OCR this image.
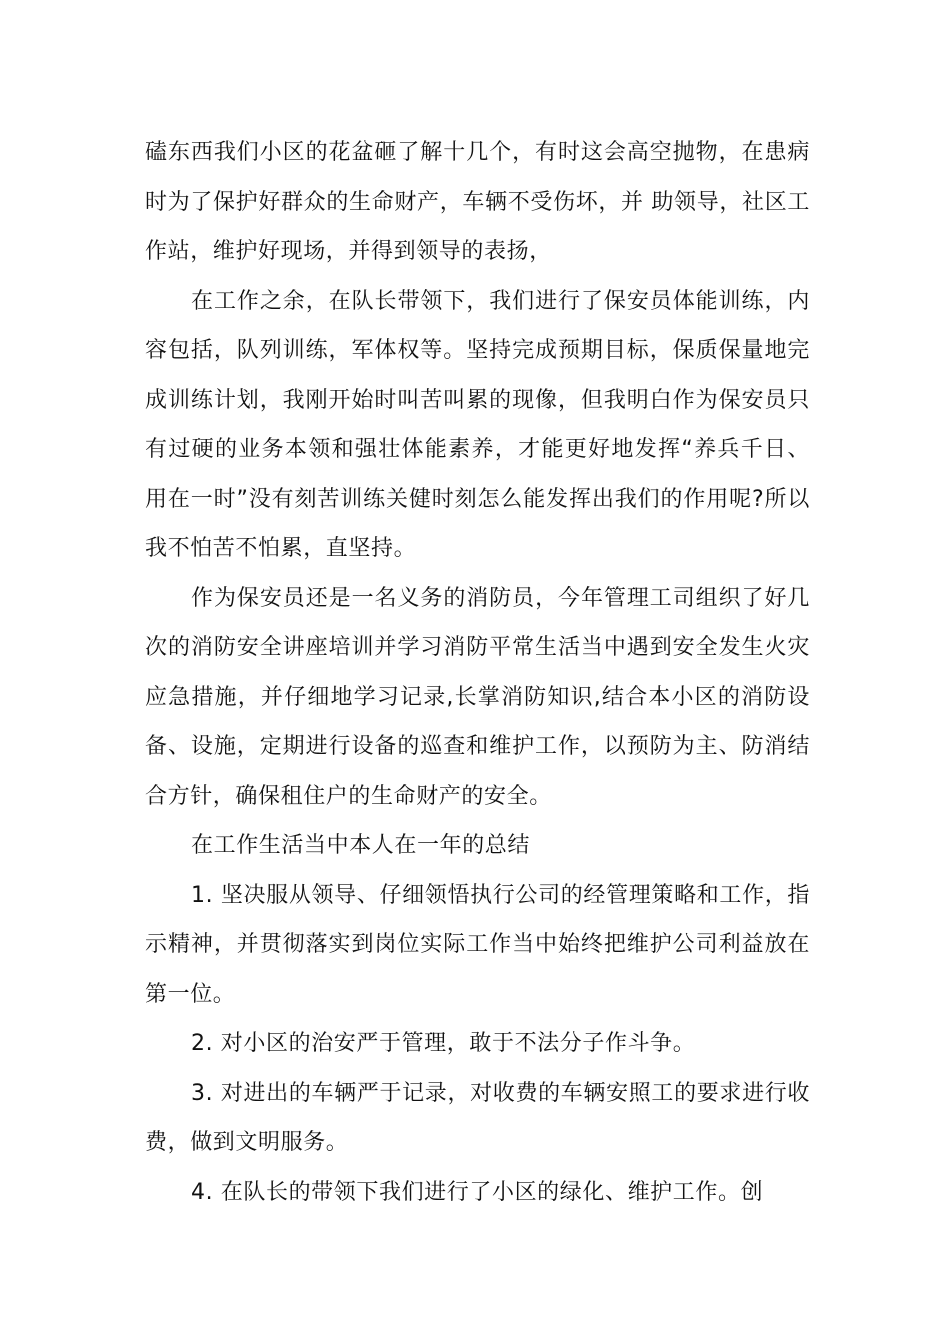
磕东西我们小区的花盆砸了解十几个，有时这会高空抛物，在患病时为了保护好群众的生命财产，车辆不受伤坏，并 助领导，社区工作站，维护好现场，并得到领导的表扬，

在工作之余，在队长带领下，我们进行了保安员体能训练，内容包括，队列训练，军体权等。坚持完成预期目标，保质保量地完成训练计划，我刚开始时叫苦叫累的现像，但我明白作为保安员只有过硬的业务本领和强壮体能素养，才能更好地发挥“养兵千日、用在一时”没有刻苦训练关健时刻怎么能发挥出我们的作用呢?所以我不怕苦不怕累，直坚持。

作为保安员还是一名义务的消防员，今年管理工司组织了好几次的消防安全讲座培训并学习消防平常生活当中遇到安全发生火灾应急措施，并仔细地学习记录,长掌消防知识,结合本小区的消防设备、设施，定期进行设备的巡查和维护工作，以预防为主、防消结合方针，确保租住户的生命财产的安全。

在工作生活当中本人在一年的总结

1. 坚决服从领导、仔细领悟执行公司的经管理策略和工作，指示精神，并贯彻落实到岗位实际工作当中始终把维护公司利益放在第一位。

2. 对小区的治安严于管理，敢于不法分子作斗争。

3. 对进出的车辆严于记录，对收费的车辆安照工的要求进行收费，做到文明服务。

4. 在队长的带领下我们进行了小区的绿化、维护工作。创
